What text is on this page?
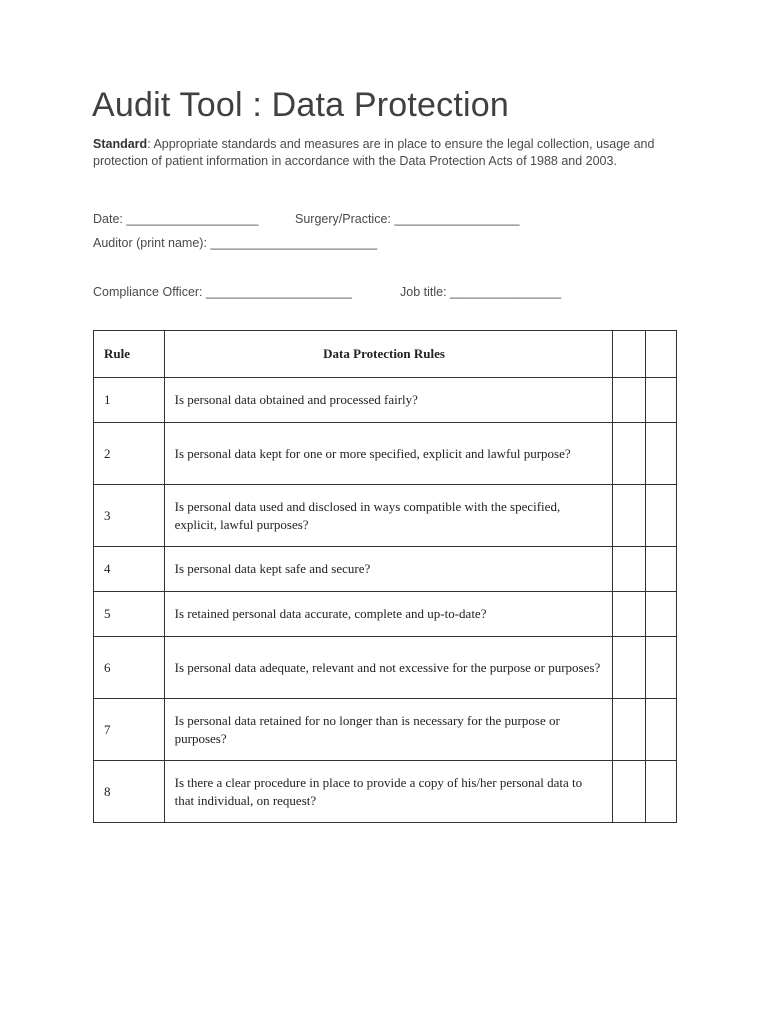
Audit Tool : Data Protection
Standard: Appropriate standards and measures are in place to ensure the legal collection, usage and protection of patient information in accordance with the Data Protection Acts of 1988 and 2003.
Date: ___________________	Surgery/Practice: __________________
Auditor (print name): ________________________
Compliance Officer: _____________________	Job title: ________________
Rule	Data Protection Rules		
1	Is personal data obtained and processed fairly?		
2	Is personal data kept for one or more specified, explicit and lawful purpose?		
3	Is personal data used and disclosed in ways compatible with the specified, explicit, lawful purposes?		
4	Is personal data kept safe and secure?		
5	Is retained personal data accurate, complete and up-to-date?		
6	Is personal data adequate, relevant and not excessive for the purpose or purposes?		
7	Is personal data retained for no longer than is necessary for the purpose or purposes?		
8	Is there a clear procedure in place to provide a copy of his/her personal data to that individual, on request?		
